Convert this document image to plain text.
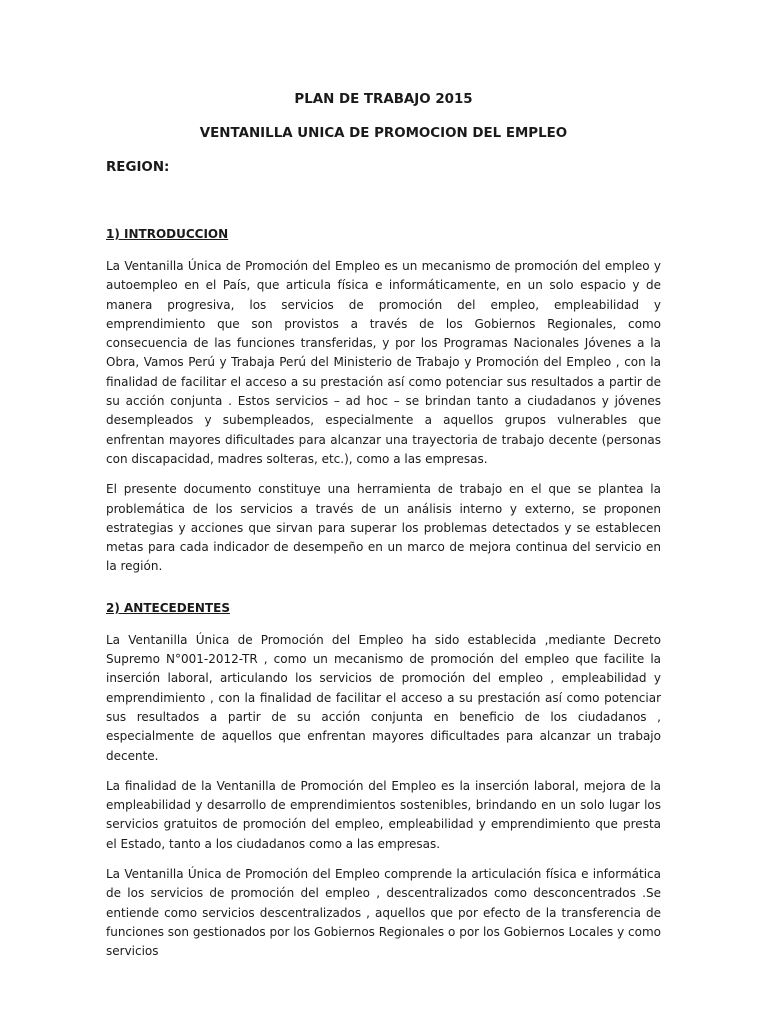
PLAN DE TRABAJO 2015

VENTANILLA UNICA DE PROMOCION DEL EMPLEO

REGION:

1) INTRODUCCION

La Ventanilla Única de Promoción del Empleo es un mecanismo de promoción del empleo y autoempleo en el País, que articula física e informáticamente, en un solo espacio y de manera progresiva, los servicios de promoción del empleo, empleabilidad y emprendimiento que son provistos a través de los Gobiernos Regionales, como consecuencia de las funciones transferidas, y por los Programas Nacionales Jóvenes a la Obra, Vamos Perú y Trabaja Perú del Ministerio de Trabajo y Promoción del Empleo , con la finalidad de facilitar el acceso a su prestación así como potenciar sus resultados a partir de su acción conjunta . Estos servicios – ad hoc – se brindan tanto a ciudadanos y jóvenes desempleados y subempleados, especialmente a aquellos grupos vulnerables que enfrentan mayores dificultades para alcanzar una trayectoria de trabajo decente (personas con discapacidad, madres solteras, etc.), como a las empresas.

El presente documento constituye una herramienta de trabajo en el que se plantea la problemática de los servicios a través de un análisis interno y externo, se proponen estrategias y acciones que sirvan para superar los problemas detectados y se establecen metas para cada indicador de desempeño en un marco de mejora continua del servicio en la región.

2) ANTECEDENTES

La Ventanilla Única de Promoción del Empleo ha sido establecida ,mediante Decreto Supremo N°001-2012-TR , como un mecanismo de promoción del empleo que facilite la inserción laboral, articulando los servicios de promoción del empleo , empleabilidad y emprendimiento , con la finalidad de facilitar el acceso a su prestación así como potenciar sus resultados a partir de su acción conjunta en beneficio de los ciudadanos , especialmente de aquellos que enfrentan mayores dificultades para alcanzar un trabajo decente.

La finalidad de la Ventanilla de Promoción del Empleo es la inserción laboral, mejora de la empleabilidad y desarrollo de emprendimientos sostenibles, brindando en un solo lugar los servicios gratuitos de promoción del empleo, empleabilidad y emprendimiento que presta el Estado, tanto a los ciudadanos como a las empresas.

La Ventanilla Única de Promoción del Empleo comprende la articulación física e informática de los servicios de promoción del empleo , descentralizados como desconcentrados .Se entiende como servicios descentralizados , aquellos que por efecto de la transferencia de funciones son gestionados por los Gobiernos Regionales o por los Gobiernos Locales y como servicios
